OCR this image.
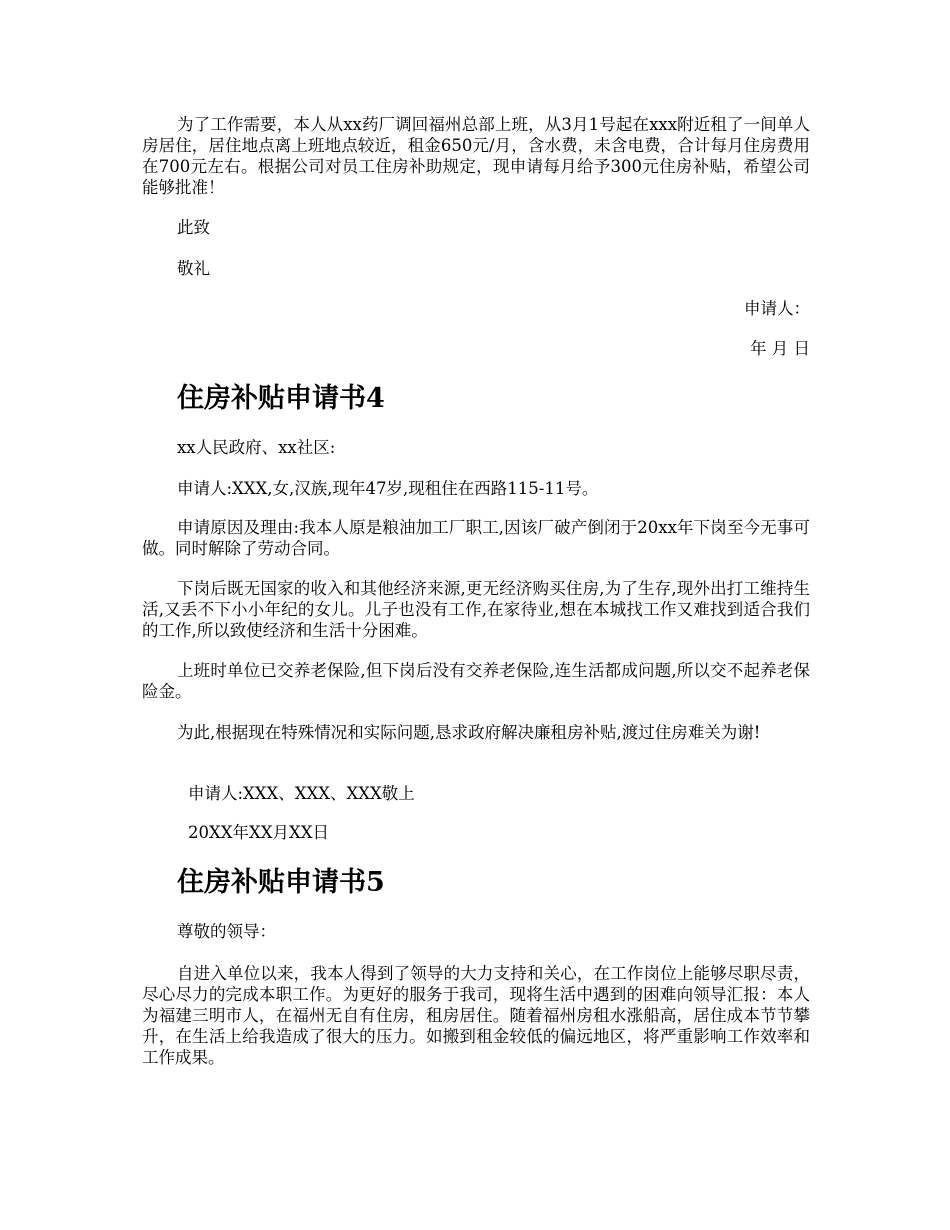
为了工作需要，本人从xx药厂调回福州总部上班，从3月1号起在xxx附近租了一间单人房居住，居住地点离上班地点较近，租金650元/月，含水费，未含电费，合计每月住房费用在700元左右。根据公司对员工住房补助规定，现申请每月给予300元住房补贴，希望公司能够批准！

此致

敬礼

申请人：

年 月 日

住房补贴申请书4

xx人民政府、xx社区:

申请人:XXX,女,汉族,现年47岁,现租住在西路115-11号。

申请原因及理由:我本人原是粮油加工厂职工,因该厂破产倒闭于20xx年下岗至今无事可做。同时解除了劳动合同。

下岗后既无国家的收入和其他经济来源,更无经济购买住房,为了生存,现外出打工维持生活,又丢不下小小年纪的女儿。儿子也没有工作,在家待业,想在本城找工作又难找到适合我们的工作,所以致使经济和生活十分困难。

上班时单位已交养老保险,但下岗后没有交养老保险,连生活都成问题,所以交不起养老保险金。

为此,根据现在特殊情况和实际问题,恳求政府解决廉租房补贴,渡过住房难关为谢!

申请人:XXX、XXX、XXX敬上

20XX年XX月XX日

住房补贴申请书5

尊敬的领导：

自进入单位以来，我本人得到了领导的大力支持和关心，在工作岗位上能够尽职尽责，尽心尽力的完成本职工作。为更好的服务于我司，现将生活中遇到的困难向领导汇报：本人为福建三明市人，在福州无自有住房，租房居住。随着福州房租水涨船高，居住成本节节攀升，在生活上给我造成了很大的压力。如搬到租金较低的偏远地区，将严重影响工作效率和工作成果。
